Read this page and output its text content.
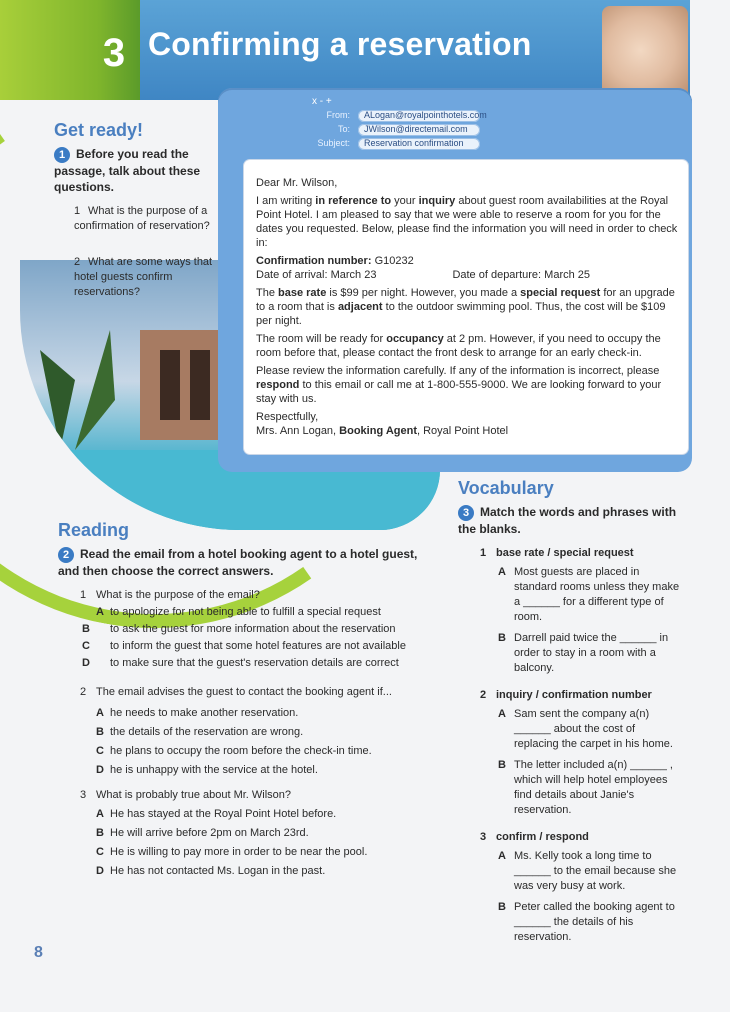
3 Confirming a reservation
Get ready!
1 Before you read the passage, talk about these questions.
1 What is the purpose of a confirmation of reservation?
2 What are some ways that hotel guests confirm reservations?
x - +
From:	ALogan@royalpointhotels.com
To:	JWilson@directemail.com
Subject:	Reservation confirmation

Dear Mr. Wilson,

I am writing in reference to your inquiry about guest room availabilities at the Royal Point Hotel. I am pleased to say that we were able to reserve a room for you for the dates you requested. Below, please find the information you will need in order to check in:

Confirmation number: G10232
Date of arrival: March 23	Date of departure: March 25

The base rate is $99 per night. However, you made a special request for an upgrade to a room that is adjacent to the outdoor swimming pool. Thus, the cost will be $109 per night.

The room will be ready for occupancy at 2 pm. However, if you need to occupy the room before that, please contact the front desk to arrange for an early check-in.

Please review the information carefully. If any of the information is incorrect, please respond to this email or call me at 1-800-555-9000. We are looking forward to your stay with us.

Respectfully,

Mrs. Ann Logan, Booking Agent, Royal Point Hotel

Reading
2 Read the email from a hotel booking agent to a hotel guest, and then choose the correct answers.
1 What is the purpose of the email?
A to apologize for not being able to fulfill a special request
B to ask the guest for more information about the reservation
C to inform the guest that some hotel features are not available
D to make sure that the guest's reservation details are correct
2 The email advises the guest to contact the booking agent if...
A he needs to make another reservation.
B the details of the reservation are wrong.
C he plans to occupy the room before the check-in time.
D he is unhappy with the service at the hotel.
3 What is probably true about Mr. Wilson?
A He has stayed at the Royal Point Hotel before.
B He will arrive before 2pm on March 23rd.
C He is willing to pay more in order to be near the pool.
D He has not contacted Ms. Logan in the past.
Vocabulary
3 Match the words and phrases with the blanks.
1 base rate / special request
A Most guests are placed in standard rooms unless they make a ______ for a different type of room.
B Darrell paid twice the ______ in order to stay in a room with a balcony.
2 inquiry / confirmation number
A Sam sent the company a(n) ______ about the cost of replacing the carpet in his home.
B The letter included a(n) ______ , which will help hotel employees find details about Janie's reservation.
3 confirm / respond
A Ms. Kelly took a long time to ______ to the email because she was very busy at work.
B Peter called the booking agent to ______ the details of his reservation.
8
